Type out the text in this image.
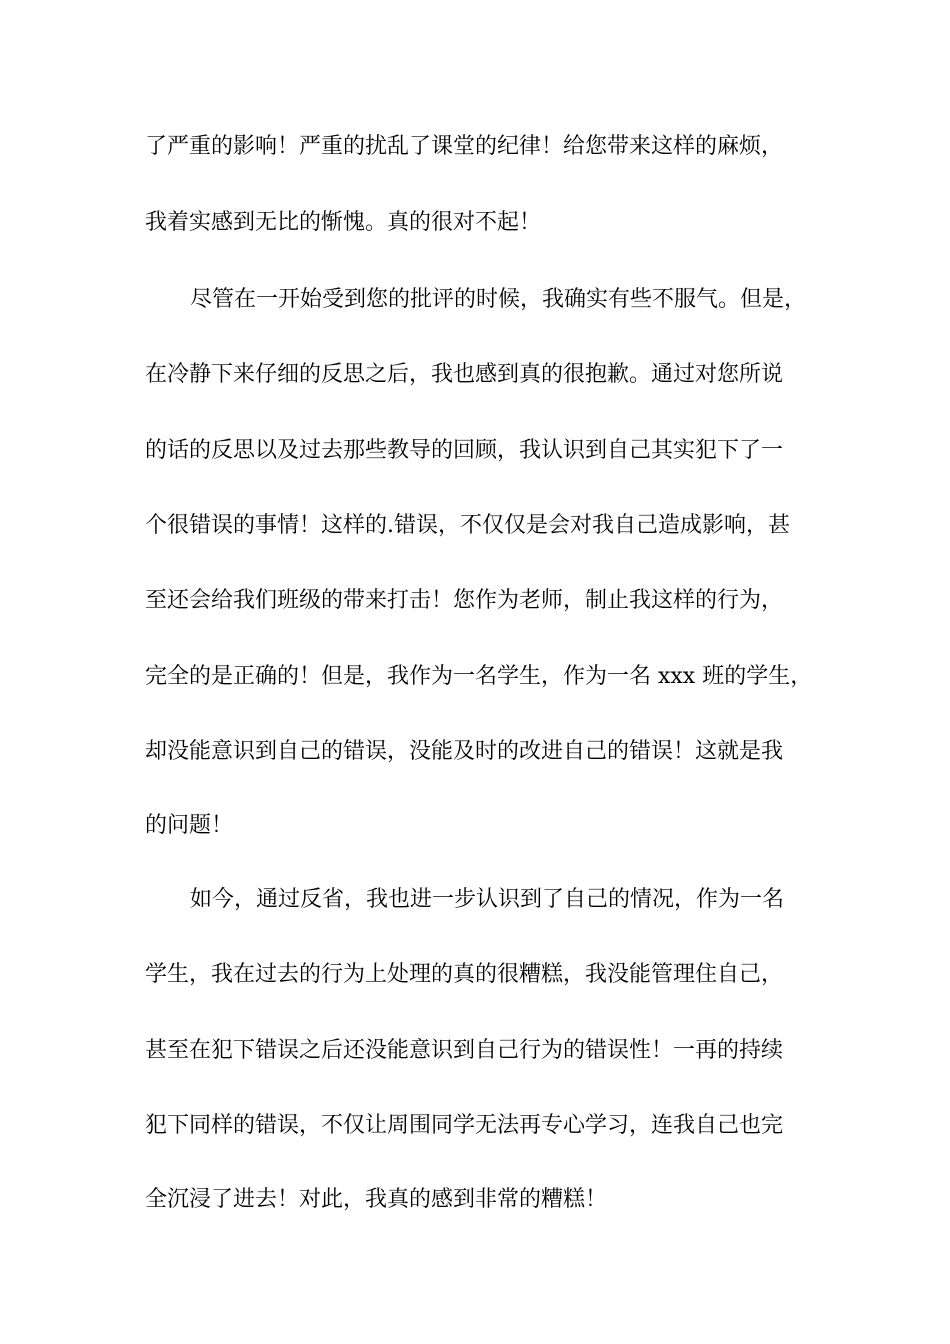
了严重的影响！严重的扰乱了课堂的纪律！给您带来这样的麻烦，
我着实感到无比的惭愧。真的很对不起！
尽管在一开始受到您的批评的时候，我确实有些不服气。但是，
在冷静下来仔细的反思之后，我也感到真的很抱歉。通过对您所说
的话的反思以及过去那些教导的回顾，我认识到自己其实犯下了一
个很错误的事情！这样的.错误，不仅仅是会对我自己造成影响，甚
至还会给我们班级的带来打击！您作为老师，制止我这样的行为，
完全的是正确的！但是，我作为一名学生，作为一名 xxx 班的学生，
却没能意识到自己的错误，没能及时的改进自己的错误！这就是我
的问题！
如今，通过反省，我也进一步认识到了自己的情况，作为一名
学生，我在过去的行为上处理的真的很糟糕，我没能管理住自己，
甚至在犯下错误之后还没能意识到自己行为的错误性！一再的持续
犯下同样的错误，不仅让周围同学无法再专心学习，连我自己也完
全沉浸了进去！对此，我真的感到非常的糟糕！
